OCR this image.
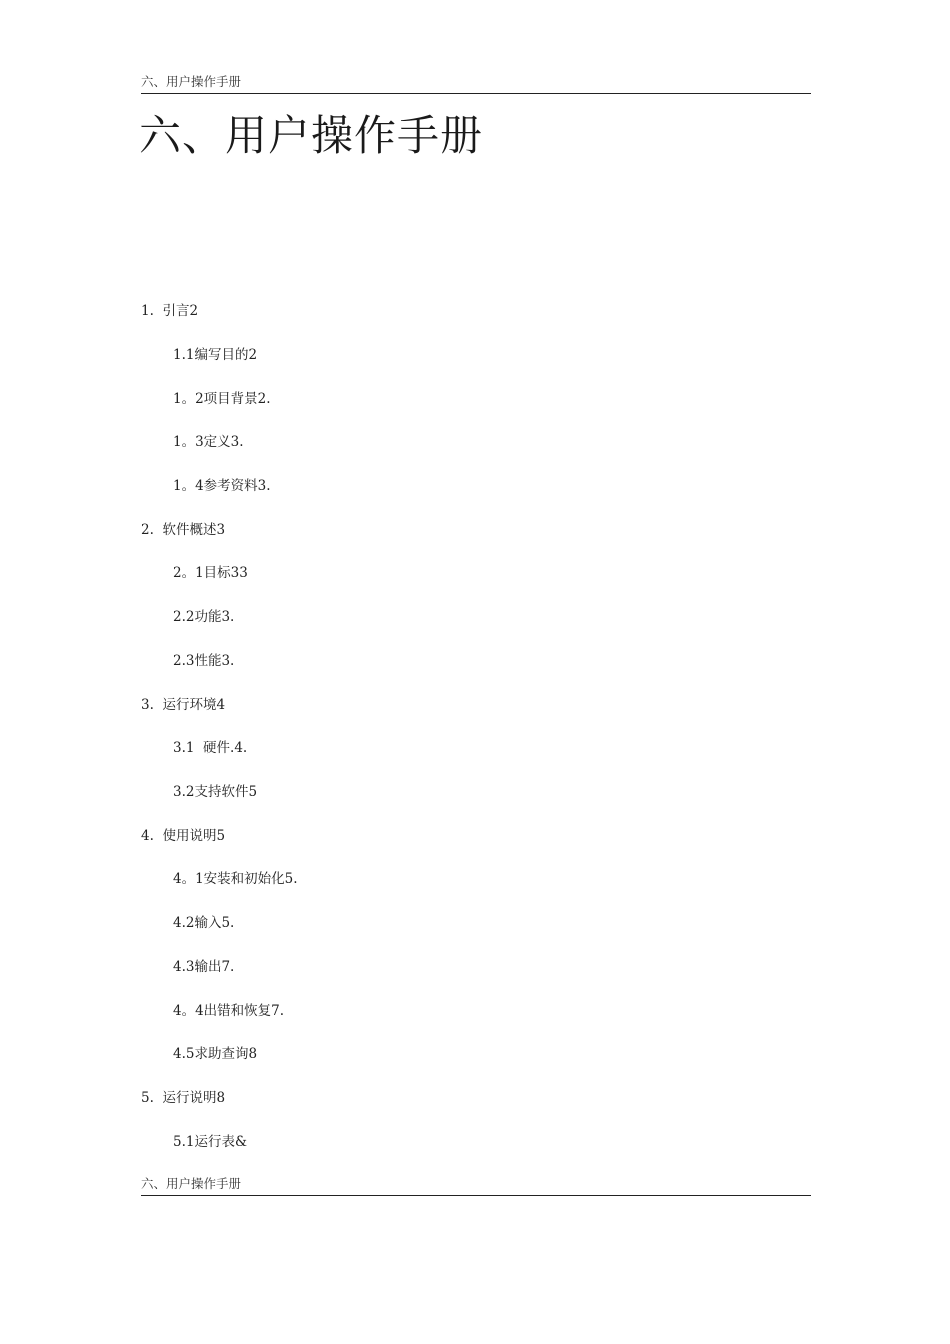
六、用户操作手册
六、用户操作手册
1.  引言2
1.1编写目的2
1。2项目背景2.
1。3定义3.
1。4参考资料3.
2.  软件概述3
2。1目标33
2.2功能3.
2.3性能3.
3.  运行环境4
3.1  硬件.4.
3.2支持软件5
4.  使用说明5
4。1安装和初始化5.
4.2输入5.
4.3输出7.
4。4出错和恢复7.
4.5求助查询8
5.  运行说明8
5.1运行表&
六、用户操作手册
